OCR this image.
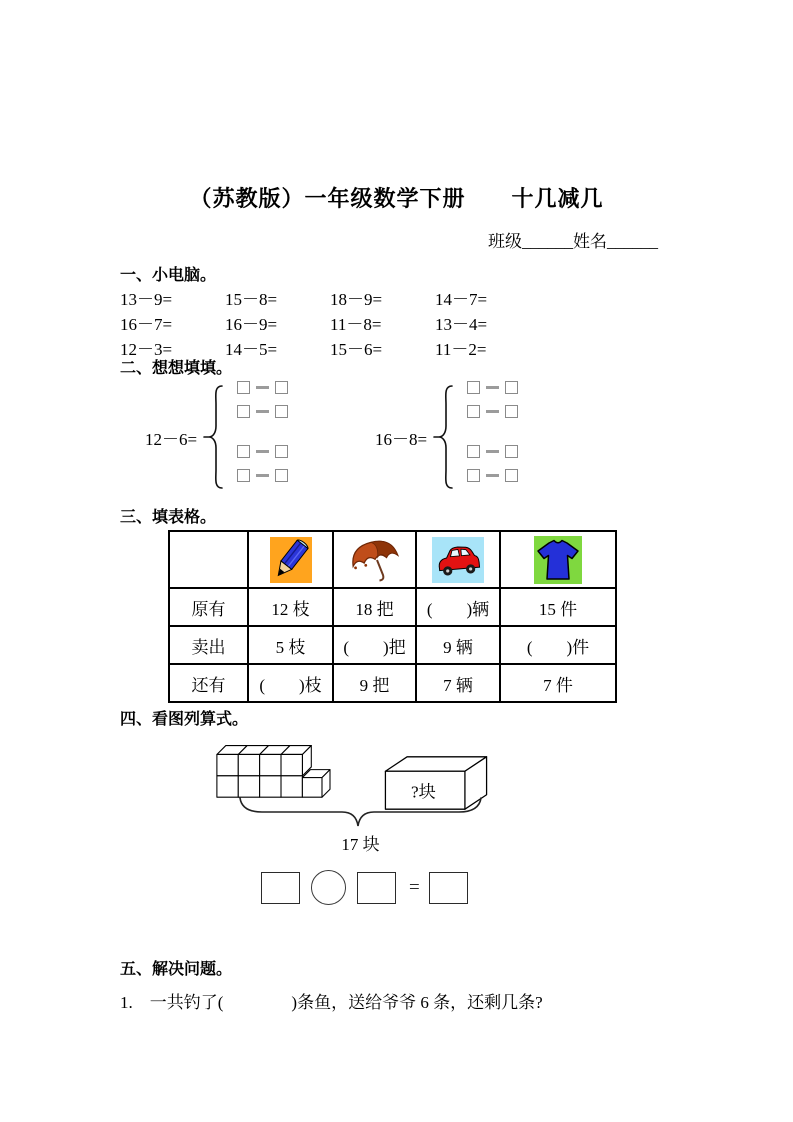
（苏教版）一年级数学下册　　十几减几
班级______姓名______
一、小电脑。
13－9=	15－8=	18－9=	14－7=
16－7=	16－9=	11－8=	13－4=
12－3=	14－5=	15－6=	11－2=
二、想想填填。
12－6=	16－8=
三、填表格。

原有	12 枝	18 把	(　　)辆	15 件
卖出	5 枝	(　　)把	9 辆	(　　)件
还有	(　　)枝	9 把	7 辆	7 件
四、看图列算式。
?块
17 块
=
五、解决问题。
1.　一共钓了(　　　　)条鱼，送给爷爷 6 条，还剩几条?
